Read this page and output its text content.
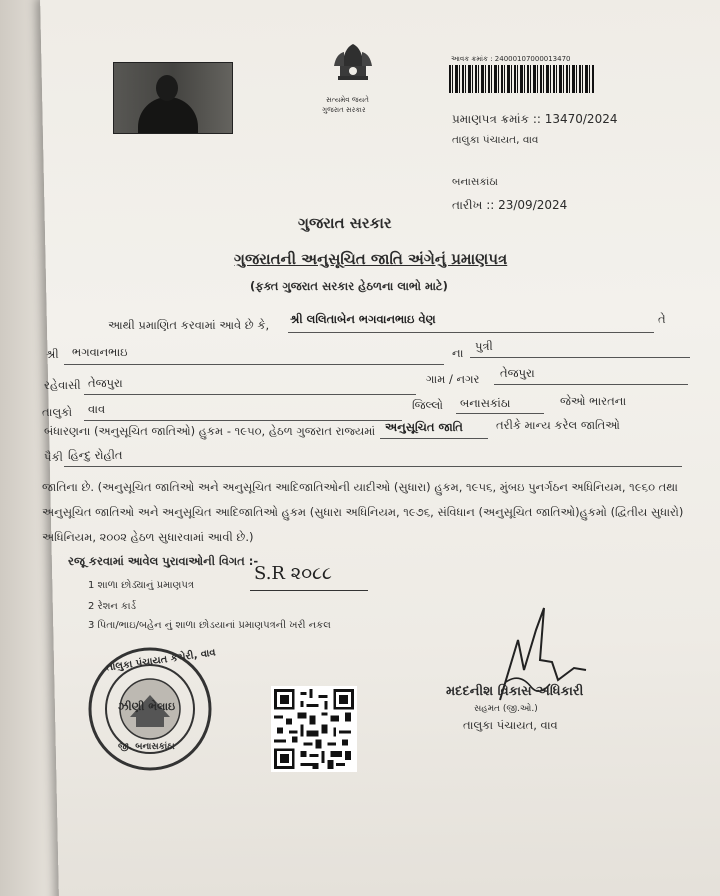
સત્યમેવ જયતે
ગુજરાત સરકાર
આવક ક્રમાંક : 24000107000013470
પ્રમાણપત્ર ક્રમાંક :: 13470/2024
તાલુકા પંચાયત, વાવ
બનાસકાંઠા
તારીખ :: 23/09/2024
ગુજરાત સરકાર
ગુજરાતની અનુસૂચિત જાતિ અંગેનું પ્રમાણપત્ર
(ફક્ત ગુજરાત સરકાર હેઠળના લાભો માટે)
આથી પ્રમાણિત કરવામાં આવે છે કે, શ્રી લલિતાબેન ભગવાનભાઇ વેણ	તે
શ્રી ભગવાનભાઇ	ના પુત્રી
રહેવાસી તેજપુરા	ગામ / નગર તેજપુરા
તાલુકો વાવ	જિલ્લો બનાસકાંઠા	જેઓ ભારતના
બંધારણના (અનુસૂચિત જાતિઓ) હુકમ - ૧૯૫૦, હેઠળ ગુજરાત રાજ્યમાં અનુસૂચિત જાતિ	તરીકે માન્ય કરેલ જાતિઓ
પૈકી હિન્દુ રોહીત
જાતિના છે. (અનુસૂચિત જાતિઓ અને અનુસૂચિત આદિજાતિઓની યાદીઓ (સુધારા) હુકમ, ૧૯૫૬, મુંબઇ પુનર્ગઠન અધિનિયમ, ૧૯૬૦ તથા
અનુસૂચિત જાતિઓ અને અનુસૂચિત આદિજાતિઓ હુકમ (સુધારા અધિનિયમ, ૧૯૭૬, સંવિધાન (અનુસૂચિત જાતિઓ)હુકમો (દ્વિતીય સુધારો)
અધિનિયમ, ૨૦૦૨ હેઠળ સુધારવામાં આવી છે.)
રજૂ કરવામાં આવેલ પુરાવાઓની વિગત :-
S.R ૨૦૮૮
1 શાળા છોડ્યાનું પ્રમાણપત્ર
2 રેશન કાર્ડ
3 પિતા/ભાઇ/બહેન નું શાળા છોડયાનાં પ્રમાણપત્રની ખરી નકલ
તાલુકા પંચાયત કચેરી, વાવ
ઝીણી ભેલાઇ
જી. બનાસકાંઠા
મદદનીશ વિકાસ અધિકારી
સહમત (જી.ઓ.)
તાલુકા પંચાયત, વાવ
